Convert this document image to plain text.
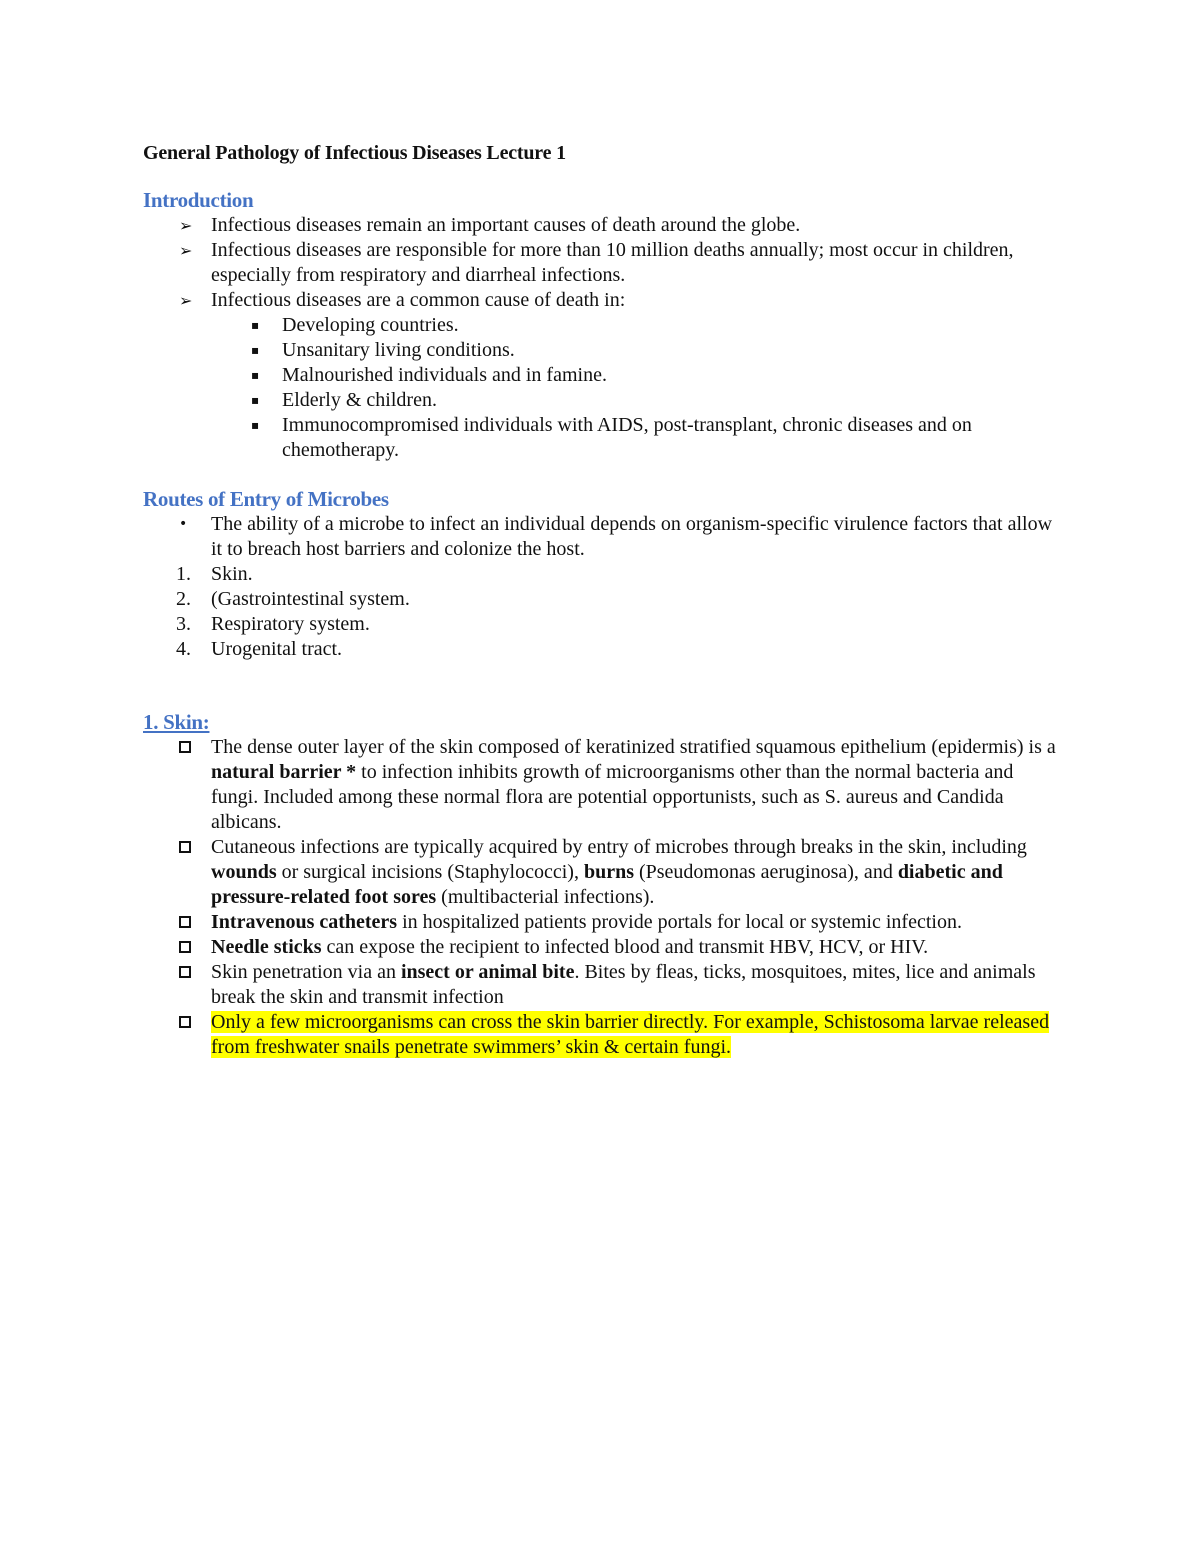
General Pathology of Infectious Diseases Lecture 1
Introduction
➢ Infectious diseases remain an important causes of death around the globe.
➢ Infectious diseases are responsible for more than 10 million deaths annually; most occur in children, especially from respiratory and diarrheal infections.
➢ Infectious diseases are a common cause of death in:
▪ Developing countries.
▪ Unsanitary living conditions.
▪ Malnourished individuals and in famine.
▪ Elderly & children.
▪ Immunocompromised individuals with AIDS, post-transplant, chronic diseases and on chemotherapy.
Routes of Entry of Microbes
•	The ability of a microbe to infect an individual depends on organism-specific virulence factors that allow it to breach host barriers and colonize the host.
1.	Skin.
2.	(Gastrointestinal system.
3.	Respiratory system.
4.	Urogenital tract.
1. Skin:
The dense outer layer of the skin composed of keratinized stratified squamous epithelium (epidermis) is a natural barrier * to infection inhibits growth of microorganisms other than the normal bacteria and fungi. Included among these normal flora are potential opportunists, such as S. aureus and Candida albicans.
Cutaneous infections are typically acquired by entry of microbes through breaks in the skin, including wounds or surgical incisions (Staphylococci), burns (Pseudomonas aeruginosa), and diabetic and pressure-related foot sores (multibacterial infections).
Intravenous catheters in hospitalized patients provide portals for local or systemic infection.
Needle sticks can expose the recipient to infected blood and transmit HBV, HCV, or HIV.
Skin penetration via an insect or animal bite. Bites by fleas, ticks, mosquitoes, mites, lice and animals break the skin and transmit infection
Only a few microorganisms can cross the skin barrier directly. For example, Schistosoma larvae released from freshwater snails penetrate swimmers’ skin & certain fungi.
